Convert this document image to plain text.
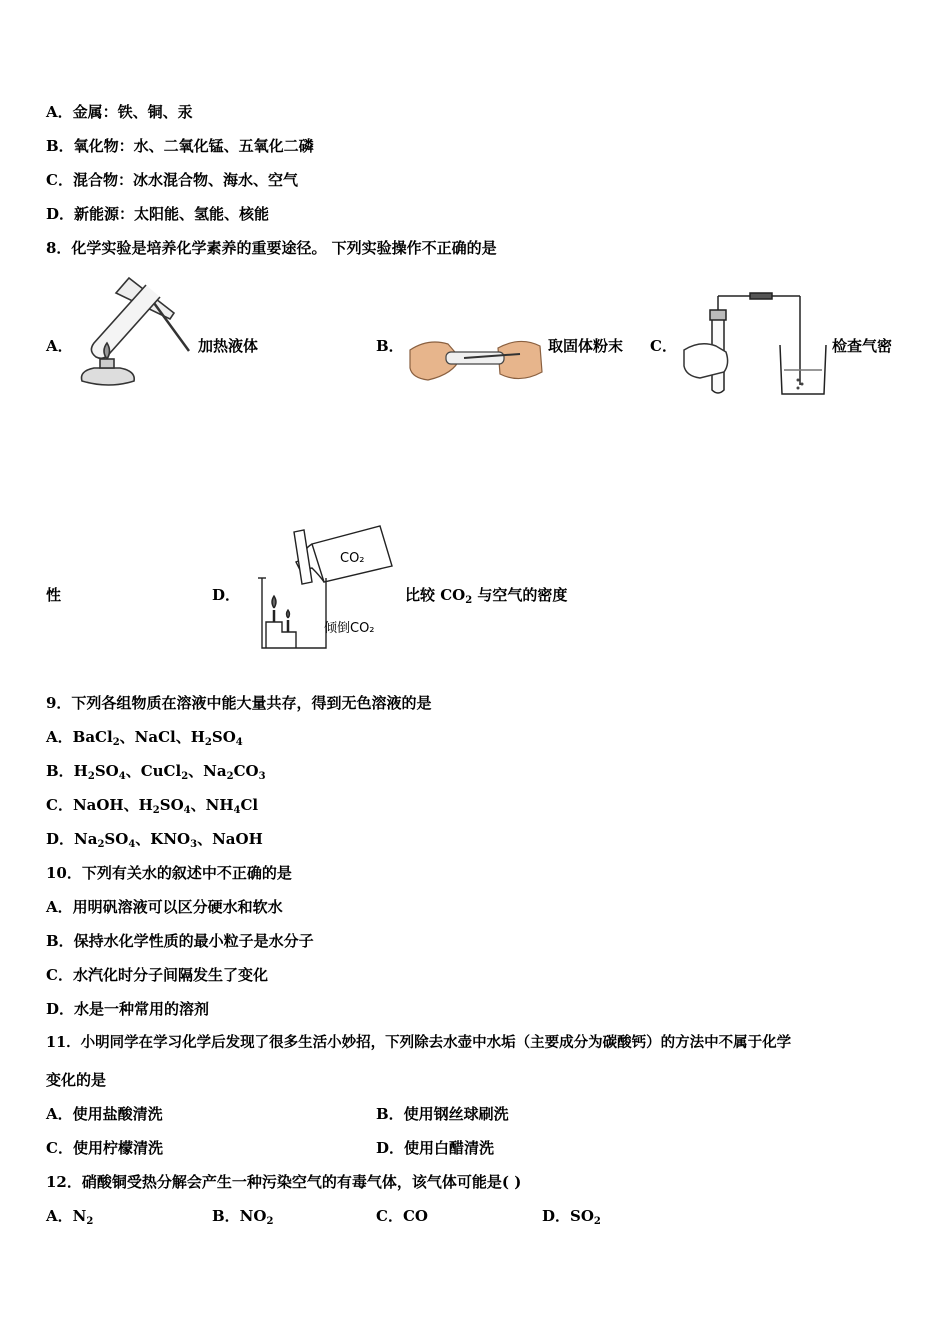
A．金属：铁、铜、汞
B．氧化物：水、二氧化锰、五氧化二磷
C．混合物：冰水混合物、海水、空气
D．新能源：太阳能、氢能、核能
8．化学实验是培养化学素养的重要途径。 下列实验操作不正确的是
A．	加热液体	B．	取固体粉末 C．	检查气密
性	D．
CO₂
倾倒CO₂
比较 $CO_2$ 与空气的密度
9．下列各组物质在溶液中能大量共存，得到无色溶液的是
A．BaCl$_2$、NaCl、$H_2SO_4$
B．$H_2SO_4$、CuCl$_2$、$Na_2CO_3$
C．NaOH、$H_2SO_4$、$NH_4Cl$
D．$Na_2SO_4$、$KNO_3$、NaOH
10．下列有关水的叙述中不正确的是
A．用明矾溶液可以区分硬水和软水
B．保持水化学性质的最小粒子是水分子
C．水汽化时分子间隔发生了变化
D．水是一种常用的溶剂
11．小明同学在学习化学后发现了很多生活小妙招，下列除去水壶中水垢（主要成分为碳酸钙）的方法中不属于化学
变化的是
A．使用盐酸清洗	B．使用钢丝球刷洗
C．使用柠檬清洗	D．使用白醋清洗
12．硝酸铜受热分解会产生一种污染空气的有毒气体，该气体可能是( )
A．$N_2$	B．$NO_2$	C．CO	D．$SO_2$
